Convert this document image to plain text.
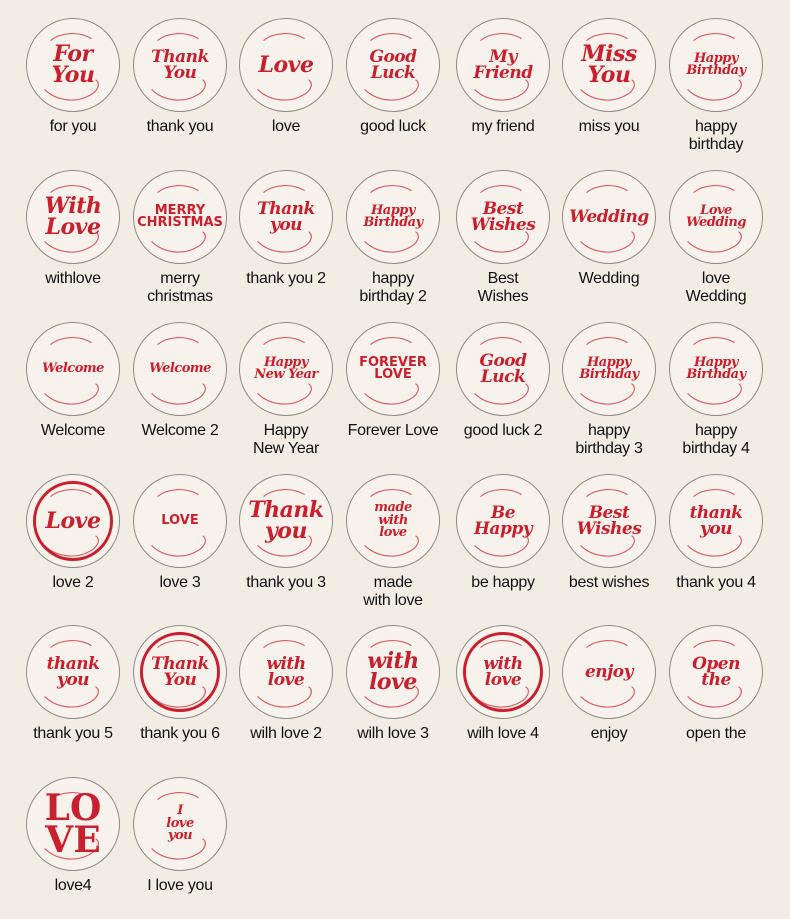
For
You
for you
Thank
You
thank you
Love
love
Good
Luck
good luck
My
Friend
my friend
Miss
You
miss you
Happy
Birthday
happy
birthday
With
Love
withlove
MERRY
CHRISTMAS
merry
christmas
Thank
you
thank you 2
Happy
Birthday
happy
birthday 2
Best
Wishes
Best
Wishes
Wedding
Wedding
Love
Wedding
love
Wedding
Welcome
Welcome
Welcome
Welcome 2
Happy
New Year
Happy
New Year
FOREVER
LOVE
Forever Love
Good
Luck
good luck 2
Happy
Birthday
happy
birthday 3
Happy
Birthday
happy
birthday 4
Love
love 2
LOVE
love 3
Thank
you
thank you 3
made
with
love
made
with love
Be
Happy
be happy
Best
Wishes
best wishes
thank
you
thank you 4
thank
you
thank you 5
Thank
You
thank you 6
with
love
wilh love 2
with
love
wilh love 3
with
love
wilh love 4
enjoy
enjoy
Open
the
open the
LO
VE
love4
I
love
you
I love you
